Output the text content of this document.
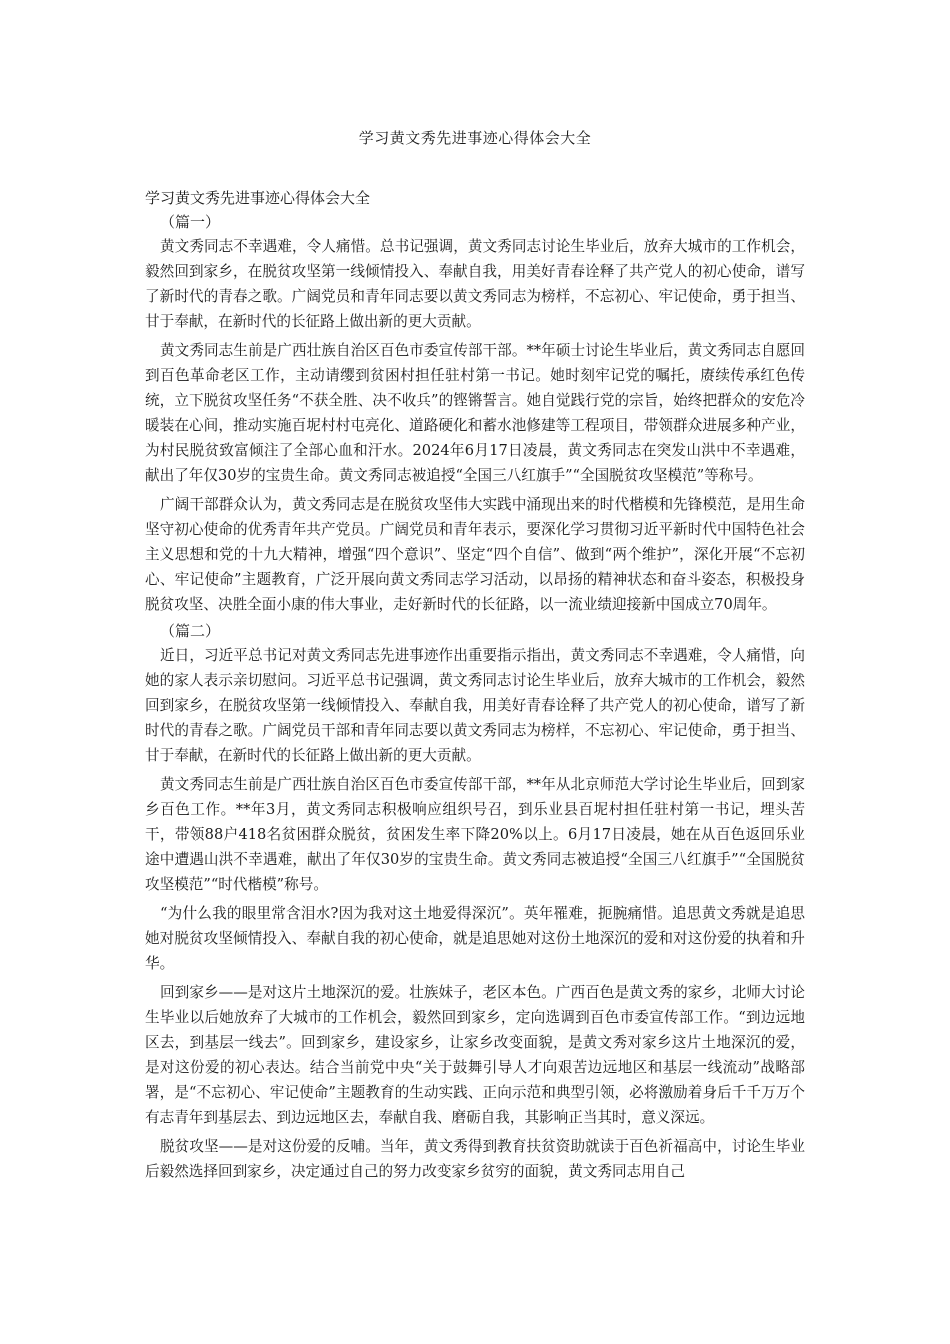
学习黄文秀先进事迹心得体会大全
学习黄文秀先进事迹心得体会大全
（篇一）

黄文秀同志不幸遇难，令人痛惜。总书记强调，黄文秀同志讨论生毕业后，放弃大城市的工作机会，毅然回到家乡，在脱贫攻坚第一线倾情投入、奉献自我，用美好青春诠释了共产党人的初心使命，谱写了新时代的青春之歌。广阔党员和青年同志要以黄文秀同志为榜样，不忘初心、牢记使命，勇于担当、甘于奉献，在新时代的长征路上做出新的更大贡献。

黄文秀同志生前是广西壮族自治区百色市委宣传部干部。**年硕士讨论生毕业后，黄文秀同志自愿回到百色革命老区工作，主动请缨到贫困村担任驻村第一书记。她时刻牢记党的嘱托，赓续传承红色传统，立下脱贫攻坚任务“不获全胜、决不收兵”的铿锵誓言。她自觉践行党的宗旨，始终把群众的安危冷暖装在心间，推动实施百坭村村屯亮化、道路硬化和蓄水池修建等工程项目，带领群众进展多种产业，为村民脱贫致富倾注了全部心血和汗水。2024年6月17日凌晨，黄文秀同志在突发山洪中不幸遇难，献出了年仅30岁的宝贵生命。黄文秀同志被追授“全国三八红旗手”“全国脱贫攻坚模范”等称号。

广阔干部群众认为，黄文秀同志是在脱贫攻坚伟大实践中涌现出来的时代楷模和先锋模范，是用生命坚守初心使命的优秀青年共产党员。广阔党员和青年表示，要深化学习贯彻习近平新时代中国特色社会主义思想和党的十九大精神，增强“四个意识”、坚定“四个自信”、做到“两个维护”，深化开展“不忘初心、牢记使命”主题教育，广泛开展向黄文秀同志学习活动，以昂扬的精神状态和奋斗姿态，积极投身脱贫攻坚、决胜全面小康的伟大事业，走好新时代的长征路，以一流业绩迎接新中国成立70周年。

（篇二）

近日，习近平总书记对黄文秀同志先进事迹作出重要指示指出，黄文秀同志不幸遇难，令人痛惜，向她的家人表示亲切慰问。习近平总书记强调，黄文秀同志讨论生毕业后，放弃大城市的工作机会，毅然回到家乡，在脱贫攻坚第一线倾情投入、奉献自我，用美好青春诠释了共产党人的初心使命，谱写了新时代的青春之歌。广阔党员干部和青年同志要以黄文秀同志为榜样，不忘初心、牢记使命，勇于担当、甘于奉献，在新时代的长征路上做出新的更大贡献。

黄文秀同志生前是广西壮族自治区百色市委宣传部干部，**年从北京师范大学讨论生毕业后，回到家乡百色工作。**年3月，黄文秀同志积极响应组织号召，到乐业县百坭村担任驻村第一书记，埋头苦干，带领88户418名贫困群众脱贫，贫困发生率下降20%以上。6月17日凌晨，她在从百色返回乐业途中遭遇山洪不幸遇难，献出了年仅30岁的宝贵生命。黄文秀同志被追授“全国三八红旗手”“全国脱贫攻坚模范”“时代楷模”称号。

“为什么我的眼里常含泪水?因为我对这土地爱得深沉”。英年罹难，扼腕痛惜。追思黄文秀就是追思她对脱贫攻坚倾情投入、奉献自我的初心使命，就是追思她对这份土地深沉的爱和对这份爱的执着和升华。

回到家乡——是对这片土地深沉的爱。壮族妹子，老区本色。广西百色是黄文秀的家乡，北师大讨论生毕业以后她放弃了大城市的工作机会，毅然回到家乡，定向选调到百色市委宣传部工作。“到边远地区去，到基层一线去”。回到家乡，建设家乡，让家乡改变面貌，是黄文秀对家乡这片土地深沉的爱，是对这份爱的初心表达。结合当前党中央“关于鼓舞引导人才向艰苦边远地区和基层一线流动”战略部署，是“不忘初心、牢记使命”主题教育的生动实践、正向示范和典型引领，必将激励着身后千千万万个有志青年到基层去、到边远地区去，奉献自我、磨砺自我，其影响正当其时，意义深远。

脱贫攻坚——是对这份爱的反哺。当年，黄文秀得到教育扶贫资助就读于百色祈福高中，讨论生毕业后毅然选择回到家乡，决定通过自己的努力改变家乡贫穷的面貌，黄文秀同志用自己
